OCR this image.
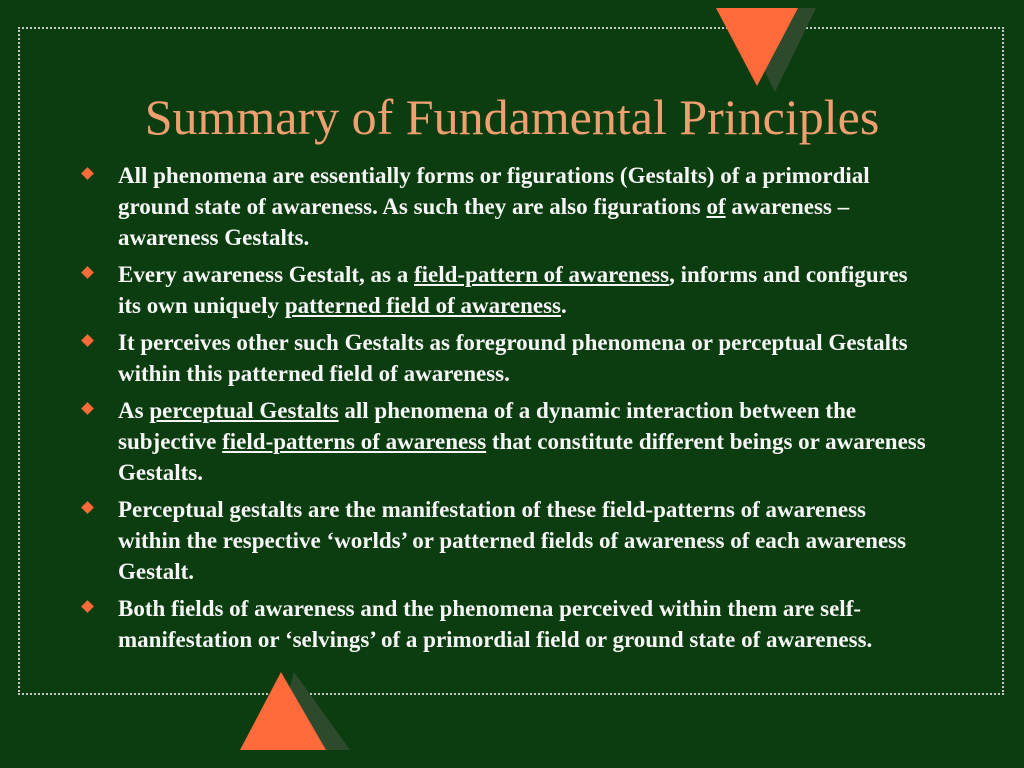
Summary of Fundamental Principles
All phenomena are essentially forms or figurations (Gestalts) of a primordial ground state of awareness. As such they are also figurations of awareness – awareness Gestalts.
Every awareness Gestalt, as a field-pattern of awareness, informs and configures its own uniquely patterned field of awareness.
It perceives other such Gestalts as foreground phenomena or perceptual Gestalts within this patterned field of awareness.
As perceptual Gestalts all phenomena of a dynamic interaction between the subjective field-patterns of awareness that constitute different beings or awareness Gestalts.
Perceptual gestalts are the manifestation of these field-patterns of awareness within the respective ‘worlds’ or patterned fields of awareness of each awareness Gestalt.
Both fields of awareness and the phenomena perceived within them are self-manifestation or ‘selvings’ of a primordial field or ground state of awareness.
